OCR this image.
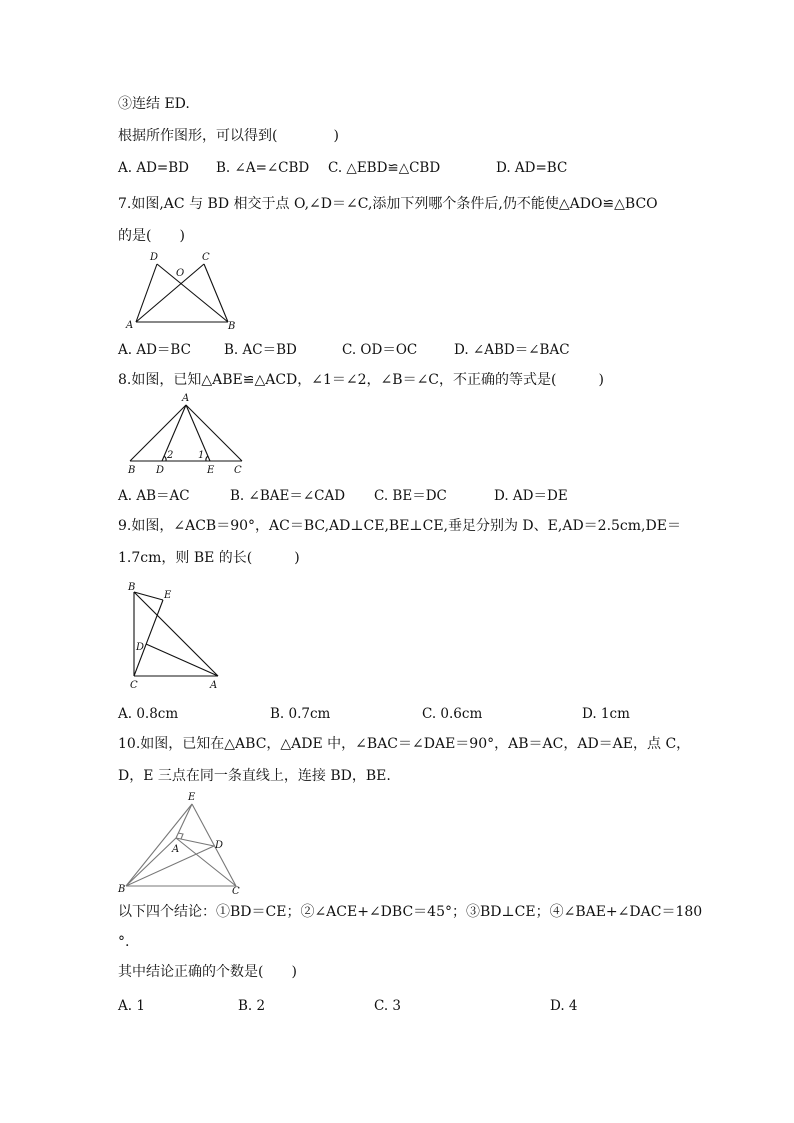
③连结 ED.
根据所作图形，可以得到(　　　　)
A. AD=BD B. ∠A=∠CBD C. △EBD≌△CBD	D. AD=BC
7.如图,AC 与 BD 相交于点 O,∠D＝∠C,添加下列哪个条件后,仍不能使△ADO≌△BCO
的是(　　)
D
O
C
A	B
A. AD＝BC B. AC＝BD	C. OD＝OC	D. ∠ABD＝∠BAC
8.如图，已知△ABE≌△ACD，∠1＝∠2，∠B＝∠C，不正确的等式是(　　　)
A
B D	E C
2 1
A. AB＝AC	B. ∠BAE＝∠CAD C. BE＝DC	D. AD＝DE
9.如图，∠ACB＝90°，AC＝BC,AD⊥CE,BE⊥CE,垂足分别为 D、E,AD＝2.5cm,DE＝
1.7cm，则 BE 的长(　　　)
B
E
D
C	A
A. 0.8cm	B. 0.7cm	C. 0.6cm	D. 1cm
10.如图，已知在△ABC，△ADE 中，∠BAC＝∠DAE＝90°，AB＝AC，AD＝AE，点 C，
D，E 三点在同一条直线上，连接 BD，BE.
E
A	D
B	C
以下四个结论：①BD＝CE；②∠ACE+∠DBC＝45°；③BD⊥CE；④∠BAE+∠DAC＝180
°.
其中结论正确的个数是(　　)
A. 1	B. 2	C. 3	D. 4
